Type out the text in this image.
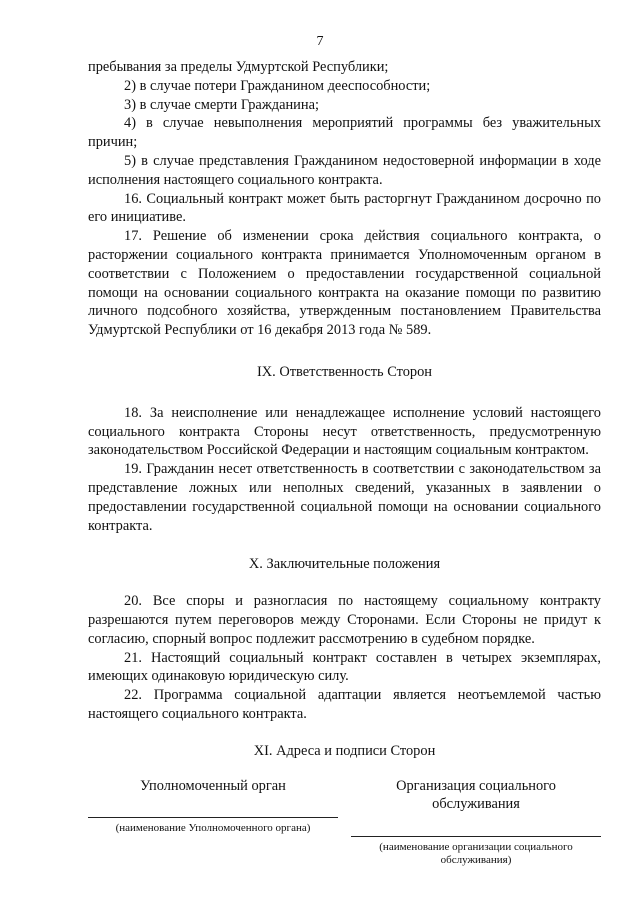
7

пребывания за пределы Удмуртской Республики;

2) в случае потери Гражданином дееспособности;

3) в случае смерти Гражданина;

4) в случае невыполнения мероприятий программы без уважительных причин;

5) в случае представления Гражданином недостоверной информации в ходе исполнения настоящего социального контракта.

16. Социальный контракт может быть расторгнут Гражданином досрочно по его инициативе.

17. Решение об изменении срока действия социального контракта, о расторжении социального контракта принимается Уполномоченным органом в соответствии с Положением о предоставлении государственной социальной помощи на основании социального контракта на оказание помощи по развитию личного подсобного хозяйства, утвержденным постановлением Правительства Удмуртской Республики от 16 декабря 2013 года № 589.

IX. Ответственность Сторон

18. За неисполнение или ненадлежащее исполнение условий настоящего социального контракта Стороны несут ответственность, предусмотренную законодательством Российской Федерации и настоящим социальным контрактом.

19. Гражданин несет ответственность в соответствии с законодательством за представление ложных или неполных сведений, указанных в заявлении о предоставлении государственной социальной помощи на основании социального контракта.

X. Заключительные положения

20. Все споры и разногласия по настоящему социальному контракту разрешаются путем переговоров между Сторонами. Если Стороны не придут к согласию, спорный вопрос подлежит рассмотрению в судебном порядке.

21. Настоящий социальный контракт составлен в четырех экземплярах, имеющих одинаковую юридическую силу.

22. Программа социальной адаптации является неотъемлемой частью настоящего социального контракта.

XI. Адреса и подписи Сторон

Уполномоченный орган
(наименование Уполномоченного органа)
Организация социального обслуживания
(наименование организации социального обслуживания)
